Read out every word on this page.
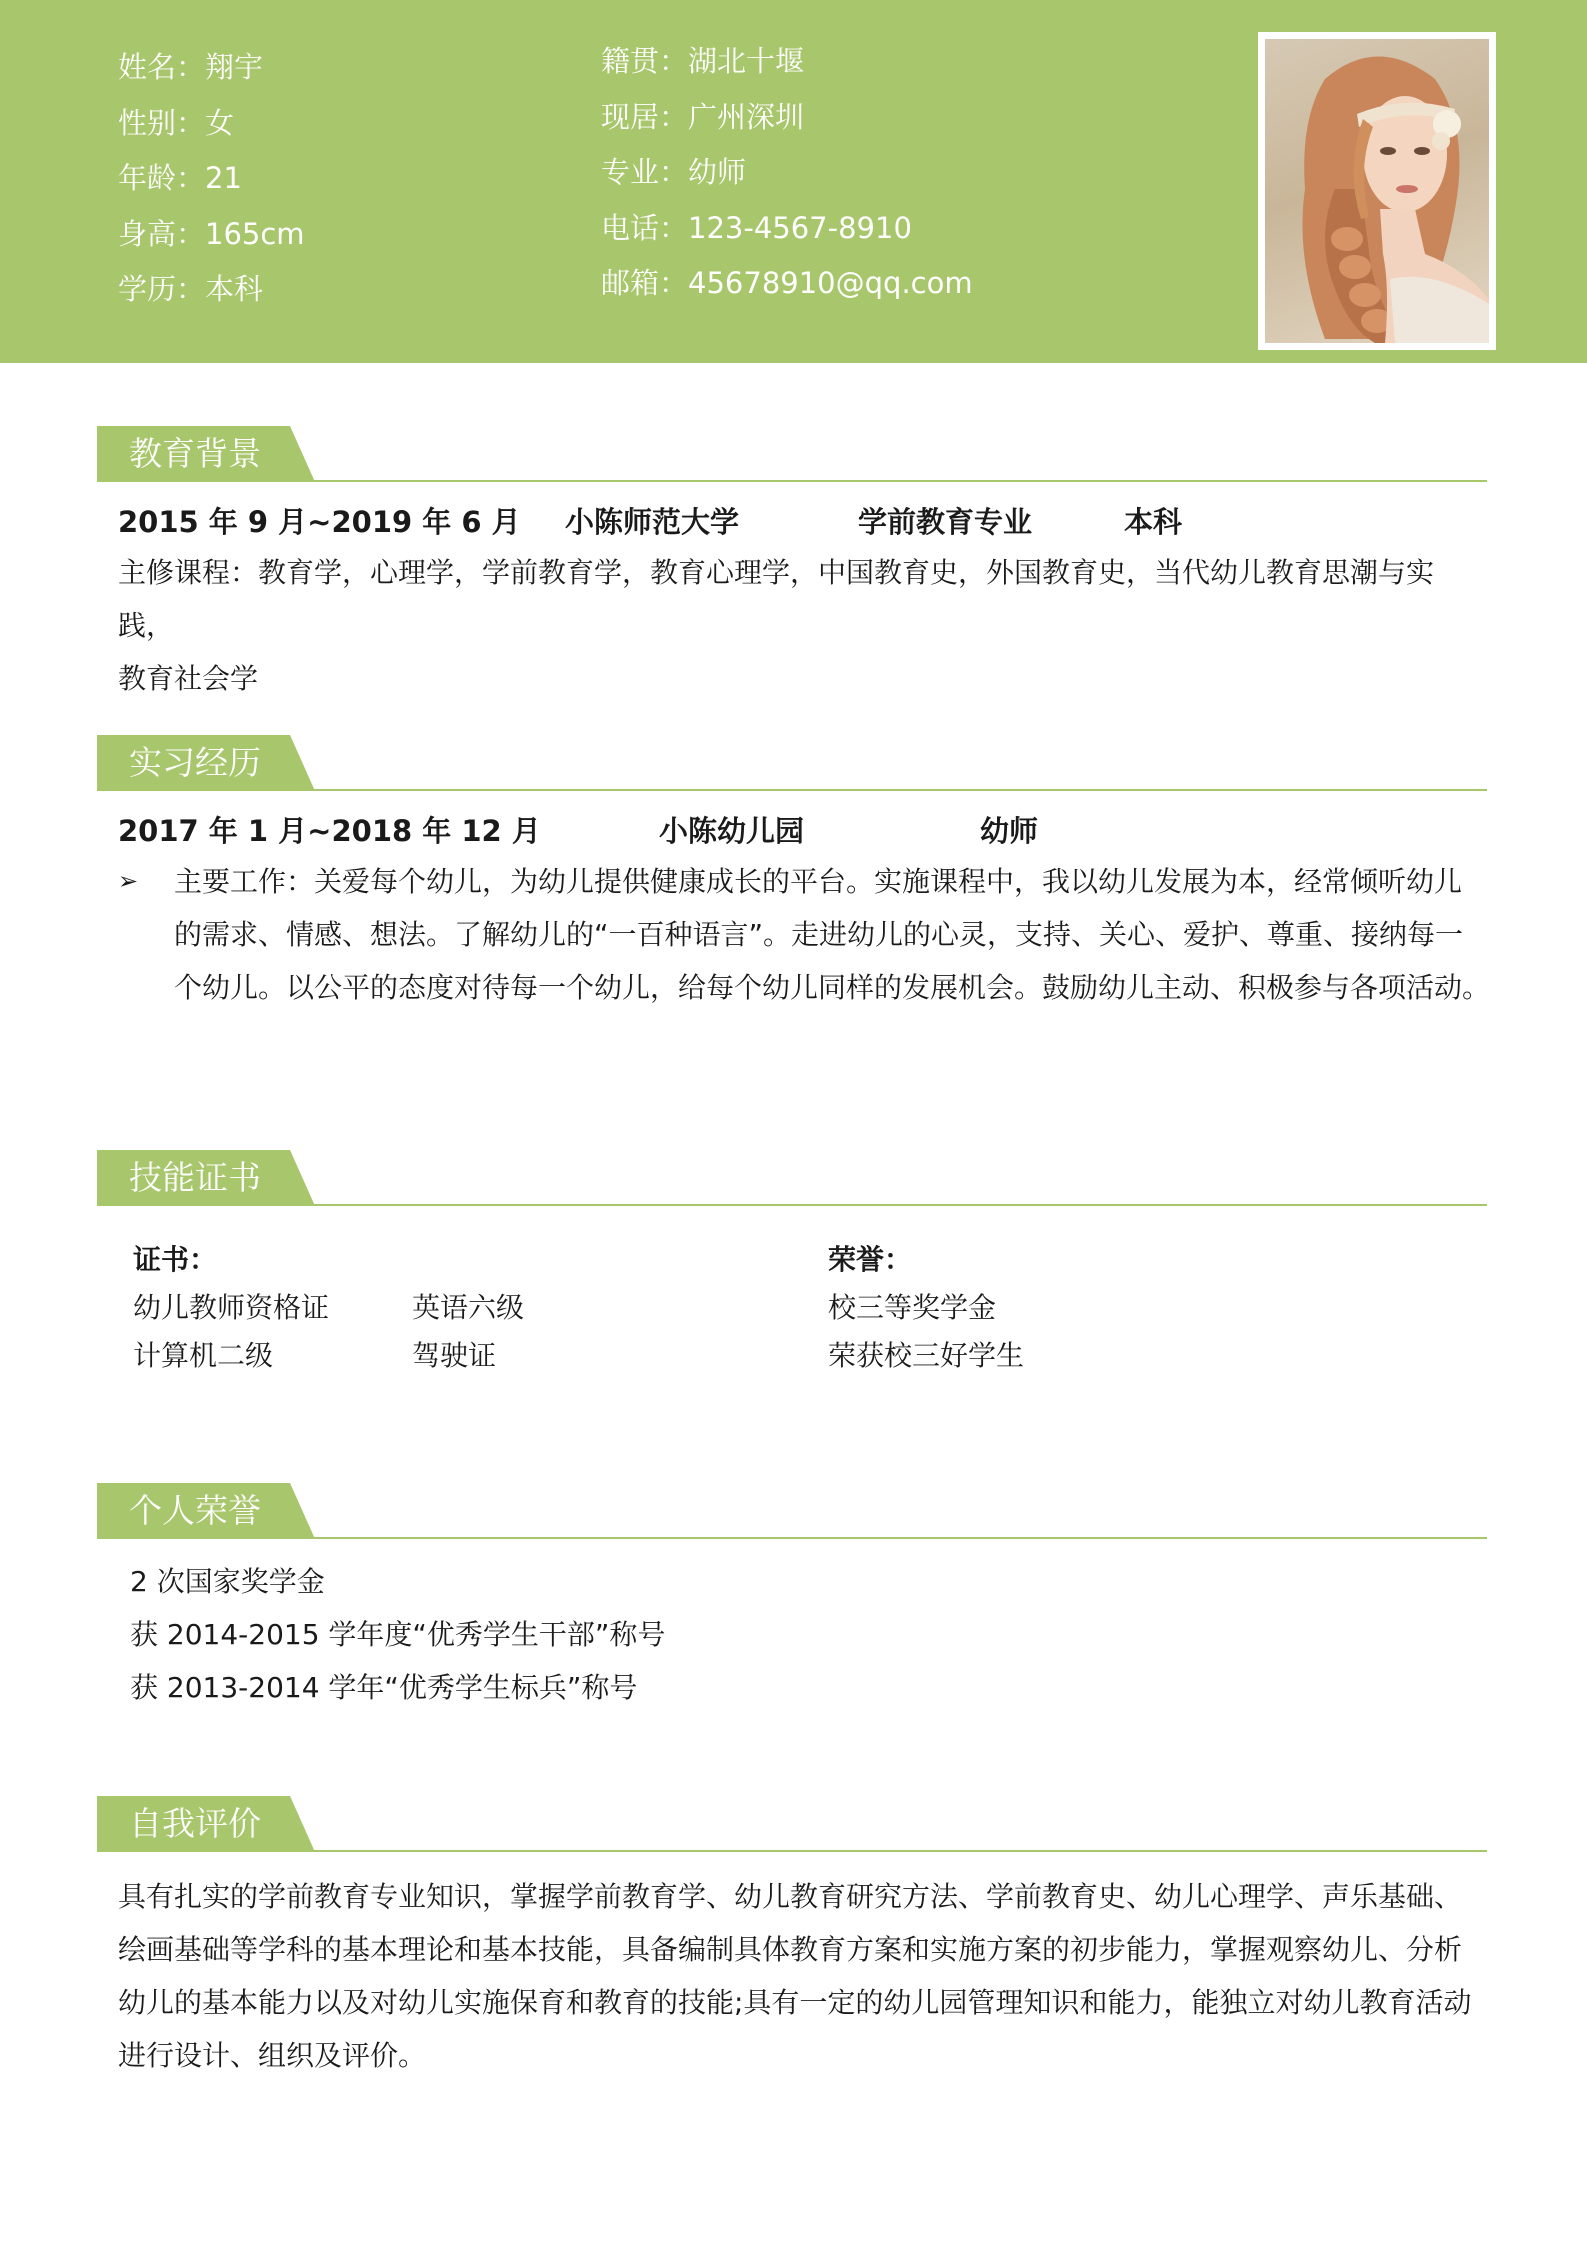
姓名：翔宇
性别：女
年龄：21
身高：165cm
学历：本科
籍贯：湖北十堰
现居：广州深圳
专业：幼师
电话：123-4567-8910
邮箱：45678910@qq.com
教育背景
2015 年 9 月~2019 年 6 月 小陈师范大学	学前教育专业	本科
主修课程：教育学，心理学，学前教育学，教育心理学，中国教育史，外国教育史，当代幼儿教育思潮与实践，
教育社会学
实习经历
2017 年 1 月~2018 年 12 月	小陈幼儿园	幼师
➢ 主要工作：关爱每个幼儿，为幼儿提供健康成长的平台。实施课程中，我以幼儿发展为本，经常倾听幼儿
的需求、情感、想法。了解幼儿的“一百种语言”。走进幼儿的心灵，支持、关心、爱护、尊重、接纳每一
个幼儿。以公平的态度对待每一个幼儿，给每个幼儿同样的发展机会。鼓励幼儿主动、积极参与各项活动。
技能证书
证书：
幼儿教师资格证	英语六级
计算机二级	驾驶证
荣誉：
校三等奖学金
荣获校三好学生
个人荣誉
2 次国家奖学金
获 2014-2015 学年度“优秀学生干部”称号
获 2013-2014 学年“优秀学生标兵”称号
自我评价
具有扎实的学前教育专业知识，掌握学前教育学、幼儿教育研究方法、学前教育史、幼儿心理学、声乐基础、
绘画基础等学科的基本理论和基本技能，具备编制具体教育方案和实施方案的初步能力，掌握观察幼儿、分析
幼儿的基本能力以及对幼儿实施保育和教育的技能;具有一定的幼儿园管理知识和能力，能独立对幼儿教育活动
进行设计、组织及评价。
